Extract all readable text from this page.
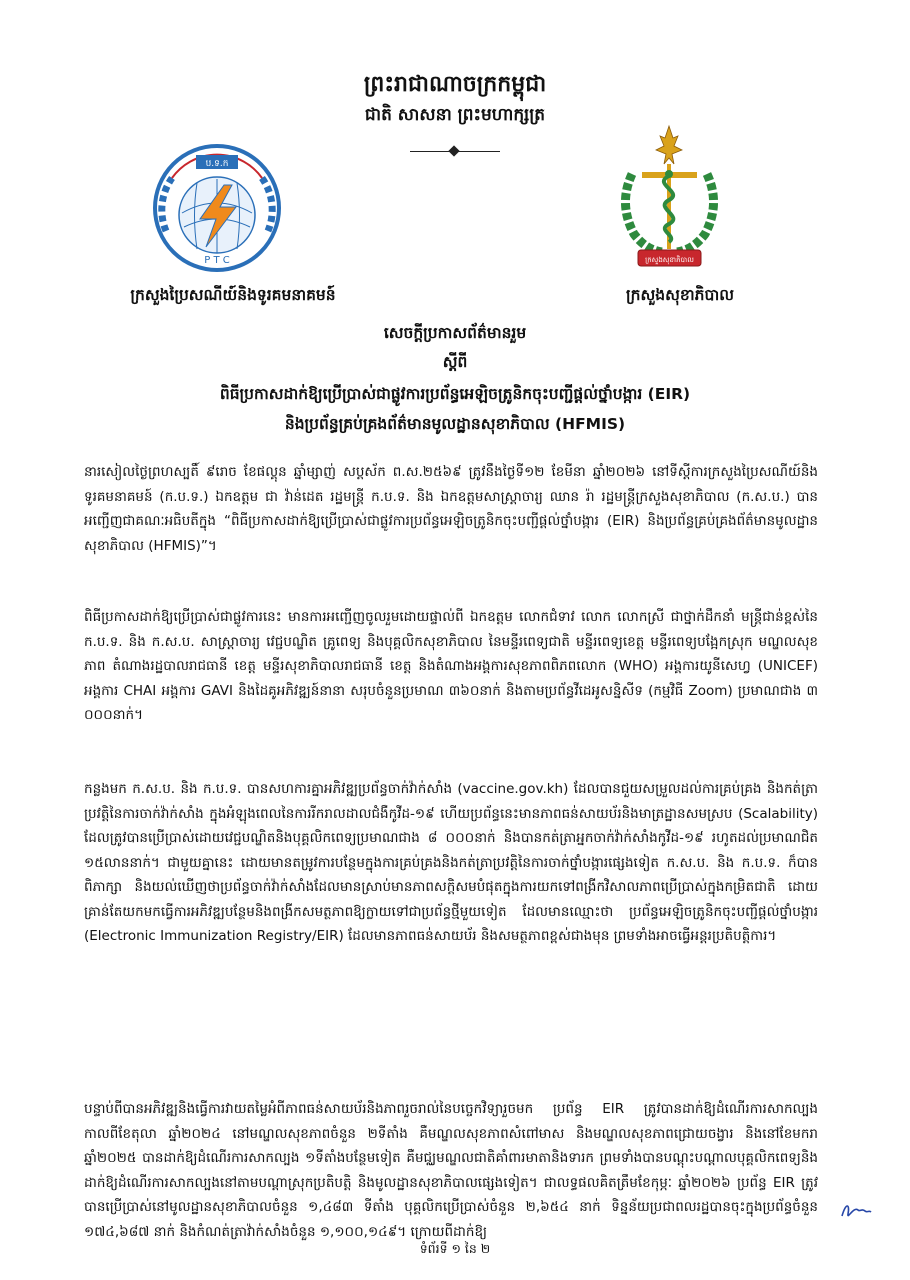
ព្រះរាជាណាចក្រកម្ពុជា
ជាតិ សាសនា ព្រះមហាក្សត្រ
ប.ទ.ក
P T C	ក្រសួងសុខាភិបាល
ក្រសួងប្រៃសណីយ៍និងទូរគមនាគមន៍	ក្រសួងសុខាភិបាល
សេចក្តីប្រកាសព័ត៌មានរួម
ស្តីពី
ពិធីប្រកាសដាក់ឱ្យប្រើប្រាស់ជាផ្លូវការប្រព័ន្ធអេឡិចត្រូនិកចុះបញ្ជីផ្តល់ថ្នាំបង្ការ (EIR)
និងប្រព័ន្ធគ្រប់គ្រងព័ត៌មានមូលដ្ឋានសុខាភិបាល (HFMIS)
នារសៀលថ្ងៃព្រហស្បតិ៍ ៩រោច ខែផល្គុន ឆ្នាំម្សាញ់ សប្តស័ក ព.ស.២៥៦៩ ត្រូវនឹងថ្ងៃទី១២ ខែមីនា ឆ្នាំ២០២៦ នៅទីស្តីការក្រសួងប្រៃសណីយ៍និងទូរគមនាគមន៍ (ក.ប.ទ.) ឯកឧត្តម ជា វ៉ាន់ដេត រដ្ឋមន្ត្រី ក.ប.ទ. និង ឯកឧត្តមសាស្ត្រាចារ្យ ឈាន រ៉ា រដ្ឋមន្ត្រីក្រសួងសុខាភិបាល (ក.ស.ប.) បានអញ្ជើញជាគណៈអធិបតីក្នុង “ពិធីប្រកាសដាក់ឱ្យប្រើប្រាស់ជាផ្លូវការប្រព័ន្ធអេឡិចត្រូនិកចុះបញ្ជីផ្តល់ថ្នាំបង្ការ (EIR) និងប្រព័ន្ធគ្រប់គ្រងព័ត៌មានមូលដ្ឋានសុខាភិបាល (HFMIS)”។
ពិធីប្រកាសដាក់ឱ្យប្រើប្រាស់ជាផ្លូវការនេះ មានការអញ្ជើញចូលរួមដោយផ្ទាល់ពី ឯកឧត្តម លោកជំទាវ លោក លោកស្រី ជាថ្នាក់ដឹកនាំ មន្ត្រីជាន់ខ្ពស់នៃ ក.ប.ទ. និង ក.ស.ប. សាស្ត្រាចារ្យ វេជ្ជបណ្ឌិត គ្រូពេទ្យ និងបុគ្គលិកសុខាភិបាល នៃមន្ទីរពេទ្យជាតិ មន្ទីរពេទ្យខេត្ត មន្ទីរពេទ្យបង្អែកស្រុក មណ្ឌលសុខភាព តំណាងរដ្ឋបាលរាជធានី ខេត្ត មន្ទីរសុខាភិបាលរាជធានី ខេត្ត និងតំណាងអង្គការសុខភាពពិភពលោក (WHO) អង្គការយូនីសេហ្វ (UNICEF) អង្គការ CHAI អង្គការ GAVI និងដៃគូអភិវឌ្ឍន៍នានា សរុបចំនួនប្រមាណ ៣៦០នាក់ និងតាមប្រព័ន្ធវីដេអូសន្និសីទ (កម្មវិធី Zoom) ប្រមាណជាង ៣ ០០០នាក់។
កន្លងមក ក.ស.ប. និង ក.ប.ទ. បានសហការគ្នាអភិវឌ្ឍប្រព័ន្ធចាក់វ៉ាក់សាំង (vaccine.gov.kh) ដែលបានជួយសម្រួលដល់ការគ្រប់គ្រង និងកត់ត្រាប្រវត្តិនៃការចាក់វ៉ាក់សាំង ក្នុងអំឡុងពេលនៃការរីករាលដាលជំងឺកូវីដ-១៩ ហើយប្រព័ន្ធនេះមានភាពធន់សាយប័រនិងមាត្រដ្ឋានសមស្រប (Scalability) ដែលត្រូវបានប្រើប្រាស់ដោយវេជ្ជបណ្ឌិតនិងបុគ្គលិកពេទ្យប្រមាណជាង ៨ ០០០នាក់ និងបានកត់ត្រាអ្នកចាក់វ៉ាក់សាំងកូវីដ-១៩ រហូតដល់ប្រមាណជិត ១៥លាននាក់។ ជាមួយគ្នានេះ ដោយមានតម្រូវការបន្ថែមក្នុងការគ្រប់គ្រងនិងកត់ត្រាប្រវត្តិនៃការចាក់ថ្នាំបង្ការផ្សេងទៀត ក.ស.ប. និង ក.ប.ទ. ក៏បានពិភាក្សា និងយល់ឃើញថាប្រព័ន្ធចាក់វ៉ាក់សាំងដែលមានស្រាប់មានភាពសក្តិសមបំផុតក្នុងការយកទៅពង្រីកវិសាលភាពប្រើប្រាស់ក្នុងកម្រិតជាតិ ដោយគ្រាន់តែយកមកធ្វើការអភិវឌ្ឍបន្ថែមនិងពង្រីកសមត្ថភាពឱ្យក្លាយទៅជាប្រព័ន្ធថ្មីមួយទៀត ដែលមានឈ្មោះថា ប្រព័ន្ធអេឡិចត្រូនិកចុះបញ្ជីផ្តល់ថ្នាំបង្ការ (Electronic Immunization Registry/EIR) ដែលមានភាពធន់សាយប័រ និងសមត្ថភាពខ្ពស់ជាងមុន ព្រមទាំងអាចធ្វើអន្តរប្រតិបត្តិការ។
បន្ទាប់ពីបានអភិវឌ្ឍនិងធ្វើការវាយតម្លៃអំពីភាពធន់សាយប័រនិងភាពរួចរាល់នៃបច្ចេកវិទ្យារួចមក ប្រព័ន្ធ EIR ត្រូវបានដាក់ឱ្យដំណើរការសាកល្បងកាលពីខែតុលា ឆ្នាំ២០២៤ នៅមណ្ឌលសុខភាពចំនួន ២ទីតាំង គឺមណ្ឌលសុខភាពសំពៅមាស និងមណ្ឌលសុខភាពជ្រោយចង្វារ និងនៅខែមករា ឆ្នាំ២០២៥ បានដាក់ឱ្យដំណើរការសាកល្បង ១ទីតាំងបន្ថែមទៀត គឺមជ្ឈមណ្ឌលជាតិគាំពារមាតានិងទារក ព្រមទាំងបានបណ្តុះបណ្តាលបុគ្គលិកពេទ្យនិងដាក់ឱ្យដំណើរការសាកល្បងនៅតាមបណ្តាស្រុកប្រតិបត្តិ និងមូលដ្ឋានសុខាភិបាលផ្សេងទៀត។ ជាលទ្ធផលគិតត្រឹមខែកុម្ភៈ ឆ្នាំ២០២៦ ប្រព័ន្ធ EIR ត្រូវបានប្រើប្រាស់នៅមូលដ្ឋានសុខាភិបាលចំនួន ១,៤៨៣ ទីតាំង បុគ្គលិកប្រើប្រាស់ចំនួន ២,៦៥៤ នាក់ ទិន្នន័យប្រជាពលរដ្ឋបានចុះក្នុងប្រព័ន្ធចំនួន ១៧៤,៦៨៧ នាក់ និងកំណត់ត្រាវ៉ាក់សាំងចំនួន ១,១០០,១៤៩។ ក្រោយពីដាក់ឱ្យ
ទំព័រទី ១ នៃ ២
